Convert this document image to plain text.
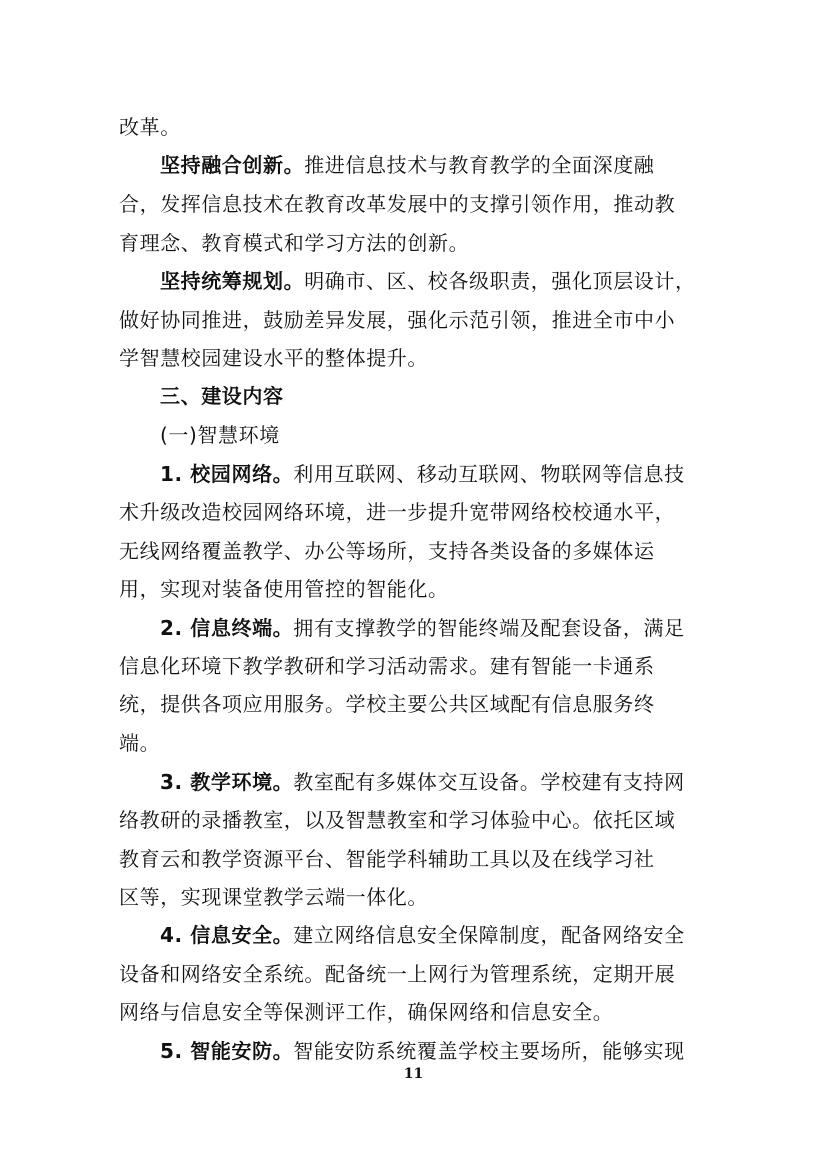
改革。
坚持融合创新。推进信息技术与教育教学的全面深度融
合，发挥信息技术在教育改革发展中的支撑引领作用，推动教
育理念、教育模式和学习方法的创新。
坚持统筹规划。明确市、区、校各级职责，强化顶层设计，
做好协同推进，鼓励差异发展，强化示范引领，推进全市中小
学智慧校园建设水平的整体提升。
三、建设内容
(一)智慧环境
1. 校园网络。利用互联网、移动互联网、物联网等信息技
术升级改造校园网络环境，进一步提升宽带网络校校通水平，
无线网络覆盖教学、办公等场所，支持各类设备的多媒体运
用，实现对装备使用管控的智能化。
2. 信息终端。拥有支撑教学的智能终端及配套设备，满足
信息化环境下教学教研和学习活动需求。建有智能一卡通系
统，提供各项应用服务。学校主要公共区域配有信息服务终
端。
3. 教学环境。教室配有多媒体交互设备。学校建有支持网
络教研的录播教室，以及智慧教室和学习体验中心。依托区域
教育云和教学资源平台、智能学科辅助工具以及在线学习社
区等，实现课堂教学云端一体化。
4. 信息安全。建立网络信息安全保障制度，配备网络安全
设备和网络安全系统。配备统一上网行为管理系统，定期开展
网络与信息安全等保测评工作，确保网络和信息安全。
5. 智能安防。智能安防系统覆盖学校主要场所，能够实现
11
